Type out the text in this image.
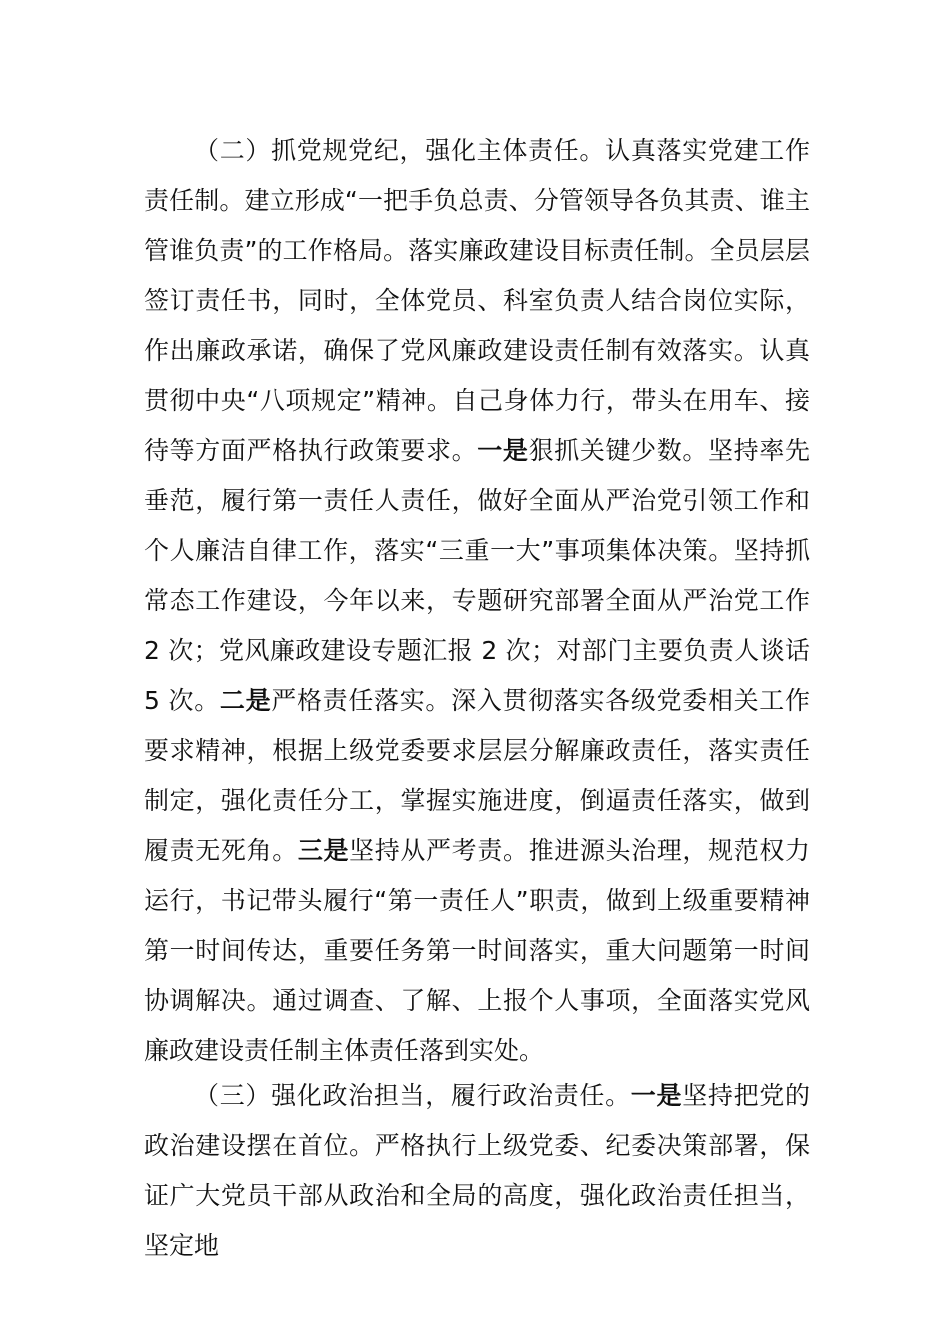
（二）抓党规党纪，强化主体责任。认真落实党建工作责任制。建立形成“一把手负总责、分管领导各负其责、谁主管谁负责”的工作格局。落实廉政建设目标责任制。全员层层签订责任书，同时，全体党员、科室负责人结合岗位实际，作出廉政承诺，确保了党风廉政建设责任制有效落实。认真贯彻中央“八项规定”精神。自己身体力行，带头在用车、接待等方面严格执行政策要求。一是狠抓关键少数。坚持率先垂范，履行第一责任人责任，做好全面从严治党引领工作和个人廉洁自律工作，落实“三重一大”事项集体决策。坚持抓常态工作建设，今年以来，专题研究部署全面从严治党工作 2 次；党风廉政建设专题汇报 2 次；对部门主要负责人谈话 5 次。二是严格责任落实。深入贯彻落实各级党委相关工作要求精神，根据上级党委要求层层分解廉政责任，落实责任制定，强化责任分工，掌握实施进度，倒逼责任落实，做到履责无死角。三是坚持从严考责。推进源头治理，规范权力运行，书记带头履行“第一责任人”职责，做到上级重要精神第一时间传达，重要任务第一时间落实，重大问题第一时间协调解决。通过调查、了解、上报个人事项，全面落实党风廉政建设责任制主体责任落到实处。

（三）强化政治担当，履行政治责任。一是坚持把党的政治建设摆在首位。严格执行上级党委、纪委决策部署，保证广大党员干部从政治和全局的高度，强化政治责任担当，坚定地
